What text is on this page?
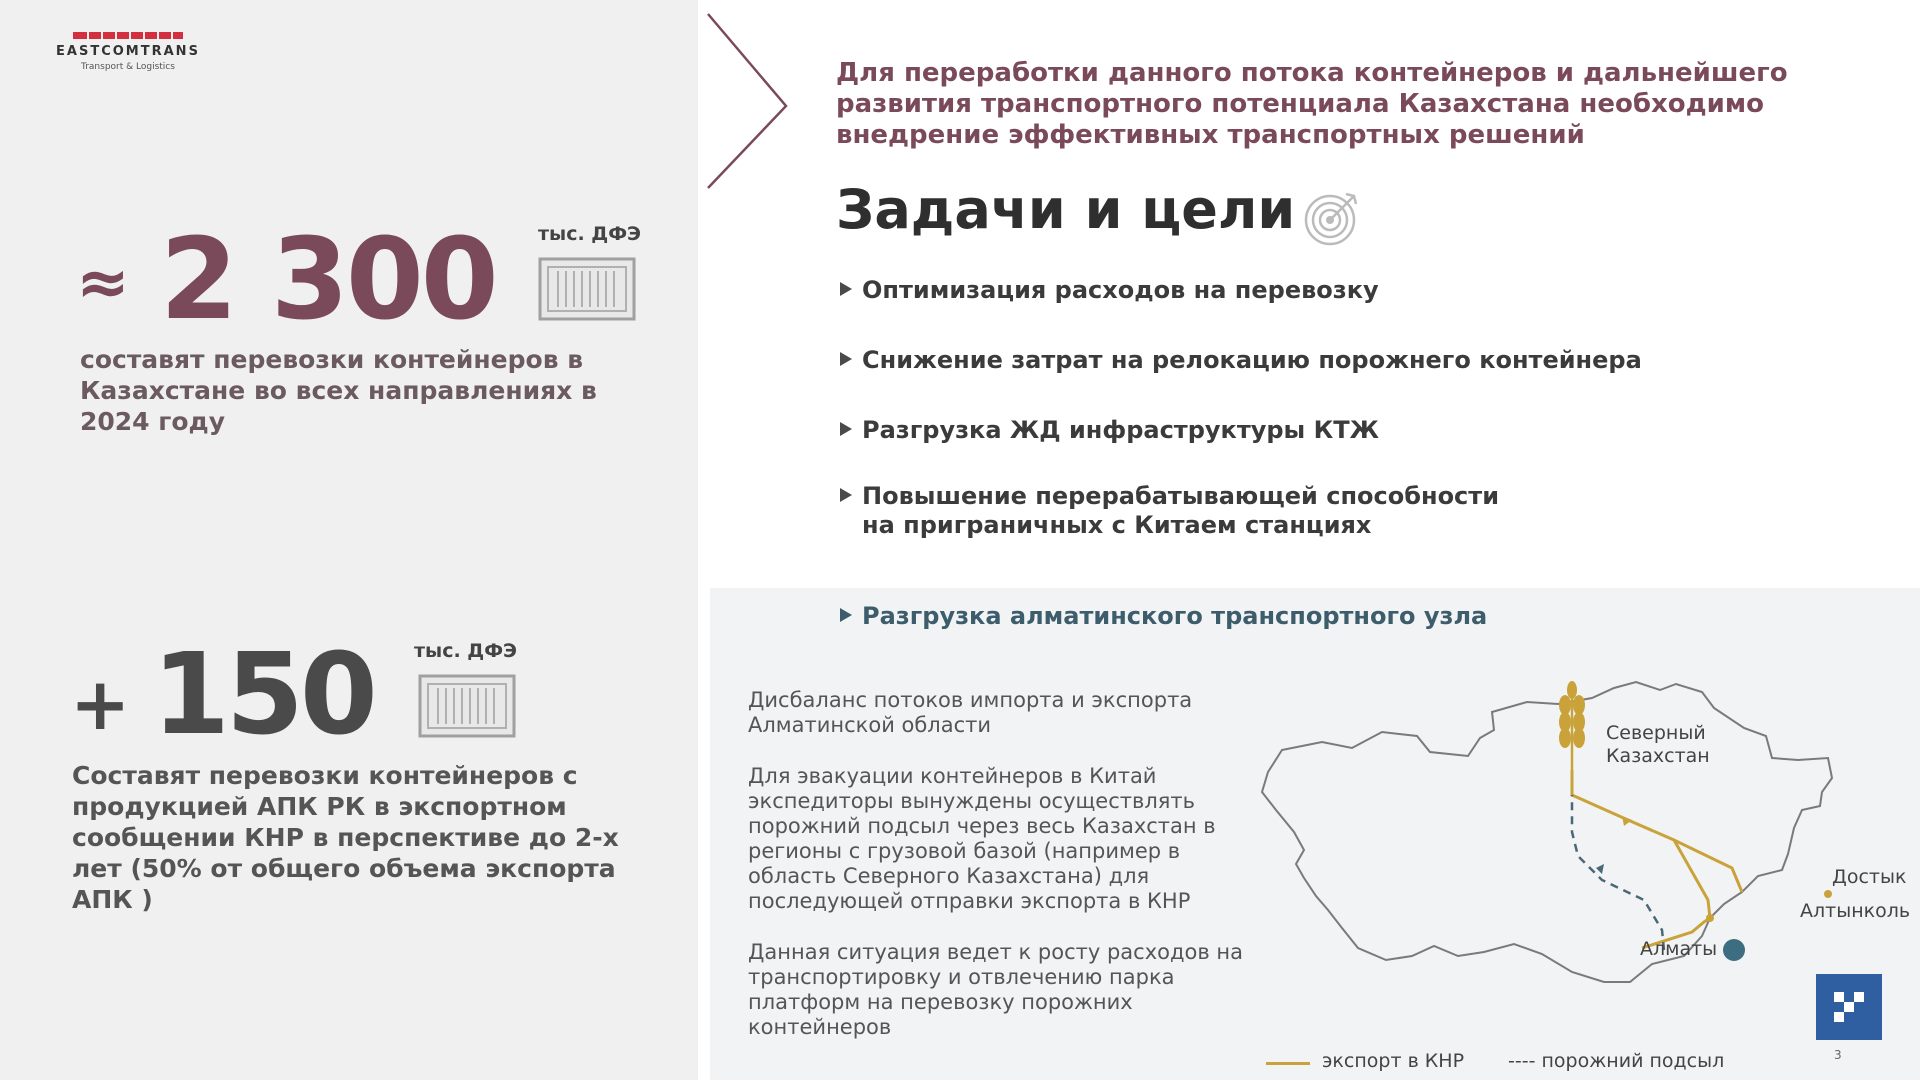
EASTCOMTRANS
Transport & Logistics
≈ 2 300 тыс. ДФЭ
составят перевозки контейнеров в Казахстане во всех направлениях в 2024 году
+ 150 тыс. ДФЭ
Составят перевозки контейнеров с продукцией АПК РК в экспортном сообщении КНР в перспективе до 2-х лет (50% от общего объема экспорта АПК )
Для переработки данного потока контейнеров и дальнейшего развития транспортного потенциала Казахстана необходимо внедрение эффективных транспортных решений
Задачи и цели
Оптимизация расходов на перевозку
Снижение затрат на релокацию порожнего контейнера
Разгрузка ЖД инфраструктуры КТЖ
Повышение перерабатывающей способности на приграничных с Китаем станциях
Разгрузка алматинского транспортного узла
Дисбаланс потоков импорта и экспорта Алматинской области
Для эвакуации контейнеров в Китай экспедиторы вынуждены осуществлять порожний подсыл через весь Казахстан в регионы с грузовой базой (например в область Северного Казахстана) для последующей отправки экспорта в КНР
Данная ситуация ведет к росту расходов на транспортировку и отвлечению парка платформ на перевозку порожних контейнеров
Северный Казахстан
Достык
Алтынколь
Алматы
экспорт в КНР ---- порожний подсыл	3
